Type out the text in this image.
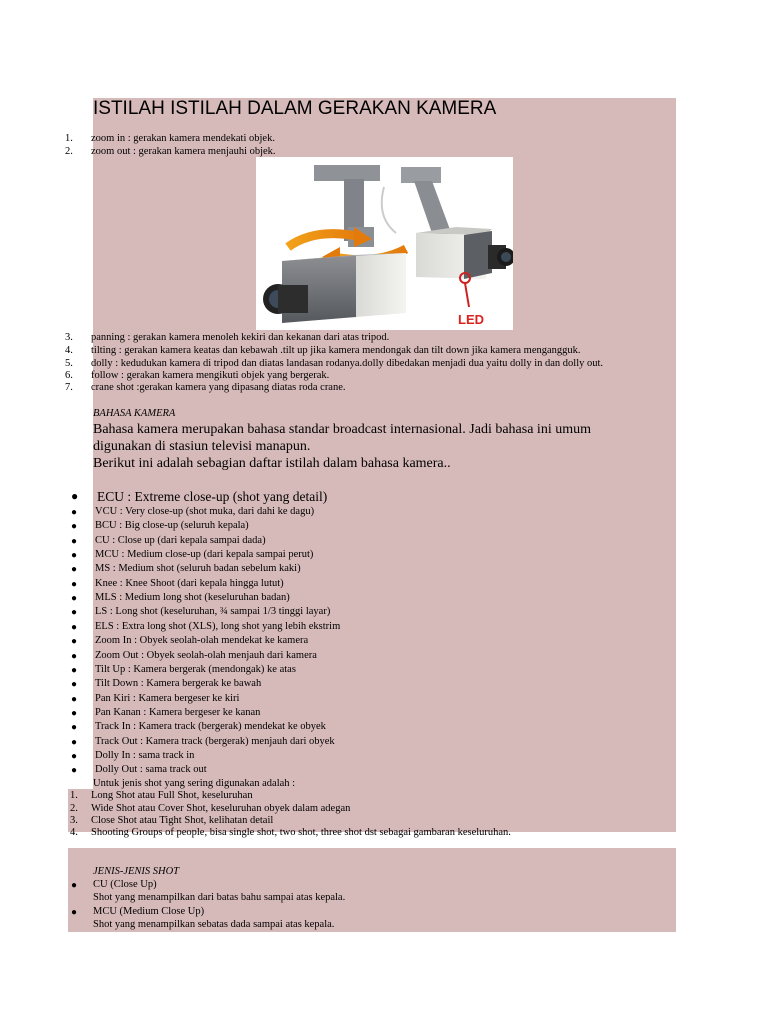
ISTILAH ISTILAH DALAM GERAKAN KAMERA
1. zoom in : gerakan kamera mendekati objek.
2. zoom out : gerakan kamera menjauhi objek.
LED
3. panning : gerakan kamera menoleh kekiri dan kekanan dari atas tripod.
4. tilting : gerakan kamera keatas dan kebawah .tilt up jika kamera mendongak dan tilt down jika kamera mengangguk.
5. dolly : kedudukan kamera di tripod dan diatas landasan rodanya.dolly dibedakan menjadi dua yaitu dolly in dan dolly out.
6. follow : gerakan kamera mengikuti objek yang bergerak.
7. crane shot :gerakan kamera yang dipasang diatas roda crane.
BAHASA KAMERA
Bahasa kamera merupakan bahasa standar broadcast internasional. Jadi bahasa ini umum
digunakan di stasiun televisi manapun.
Berikut ini adalah sebagian daftar istilah dalam bahasa kamera..
● ECU : Extreme close-up (shot yang detail)
● VCU : Very close-up (shot muka, dari dahi ke dagu)
● BCU : Big close-up (seluruh kepala)
● CU : Close up (dari kepala sampai dada)
● MCU : Medium close-up (dari kepala sampai perut)
● MS : Medium shot (seluruh badan sebelum kaki)
● Knee : Knee Shoot (dari kepala hingga lutut)
● MLS : Medium long shot (keseluruhan badan)
● LS : Long shot (keseluruhan, ¾ sampai 1/3 tinggi layar)
● ELS : Extra long shot (XLS), long shot yang lebih ekstrim
● Zoom In : Obyek seolah-olah mendekat ke kamera
● Zoom Out : Obyek seolah-olah menjauh dari kamera
● Tilt Up : Kamera bergerak (mendongak) ke atas
● Tilt Down : Kamera bergerak ke bawah
● Pan Kiri : Kamera bergeser ke kiri
● Pan Kanan : Kamera bergeser ke kanan
● Track In : Kamera track (bergerak) mendekat ke obyek
● Track Out : Kamera track (bergerak) menjauh dari obyek
● Dolly In : sama track in
● Dolly Out : sama track out
Untuk jenis shot yang sering digunakan adalah :
1. Long Shot atau Full Shot, keseluruhan
2. Wide Shot atau Cover Shot, keseluruhan obyek dalam adegan
3. Close Shot atau Tight Shot, kelihatan detail
4. Shooting Groups of people, bisa single shot, two shot, three shot dst sebagai gambaran keseluruhan.
JENIS-JENIS SHOT
● CU (Close Up)
Shot yang menampilkan dari batas bahu sampai atas kepala.
● MCU (Medium Close Up)
Shot yang menampilkan sebatas dada sampai atas kepala.
